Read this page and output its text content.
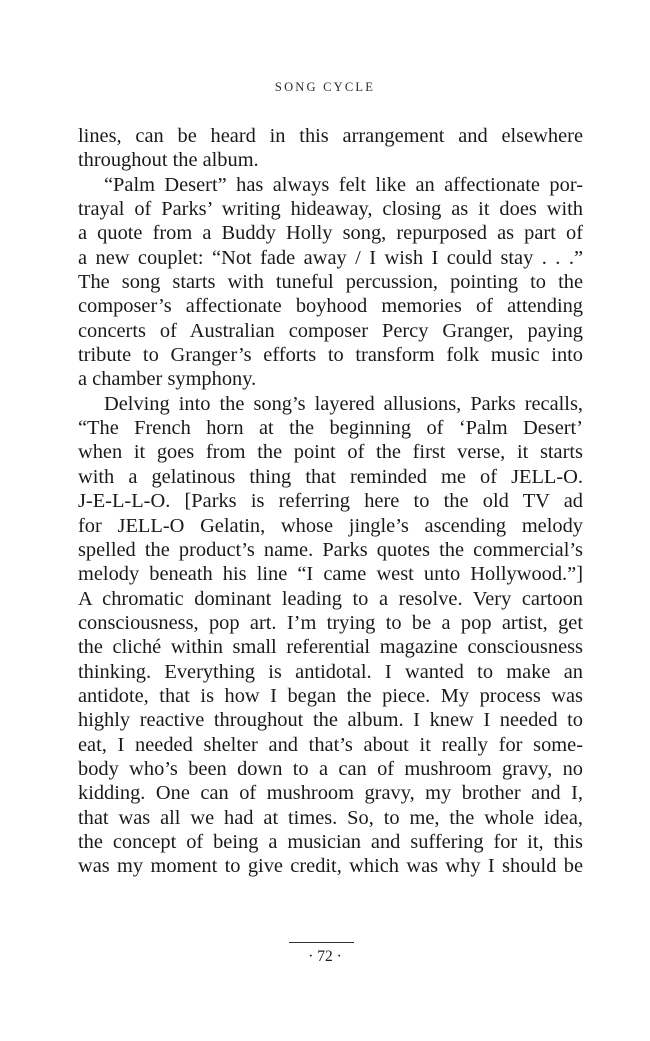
SONG CYCLE
lines, can be heard in this arrangement and elsewhere
throughout the album.
“Palm Desert” has always felt like an affectionate por-
trayal of Parks’ writing hideaway, closing as it does with
a quote from a Buddy Holly song, repurposed as part of
a new couplet: “Not fade away / I wish I could stay . . .”
The song starts with tuneful percussion, pointing to the
composer’s affectionate boyhood memories of attending
concerts of Australian composer Percy Granger, paying
tribute to Granger’s efforts to transform folk music into
a chamber symphony.
Delving into the song’s layered allusions, Parks recalls,
“The French horn at the beginning of ‘Palm Desert’
when it goes from the point of the first verse, it starts
with a gelatinous thing that reminded me of JELL-O.
J-E-L-L-O. [Parks is referring here to the old TV ad
for JELL-O Gelatin, whose jingle’s ascending melody
spelled the product’s name. Parks quotes the commercial’s
melody beneath his line “I came west unto Hollywood.”]
A chromatic dominant leading to a resolve. Very cartoon
consciousness, pop art. I’m trying to be a pop artist, get
the cliché within small referential magazine consciousness
thinking. Everything is antidotal. I wanted to make an
antidote, that is how I began the piece. My process was
highly reactive throughout the album. I knew I needed to
eat, I needed shelter and that’s about it really for some-
body who’s been down to a can of mushroom gravy, no
kidding. One can of mushroom gravy, my brother and I,
that was all we had at times. So, to me, the whole idea,
the concept of being a musician and suffering for it, this
was my moment to give credit, which was why I should be
· 72 ·
